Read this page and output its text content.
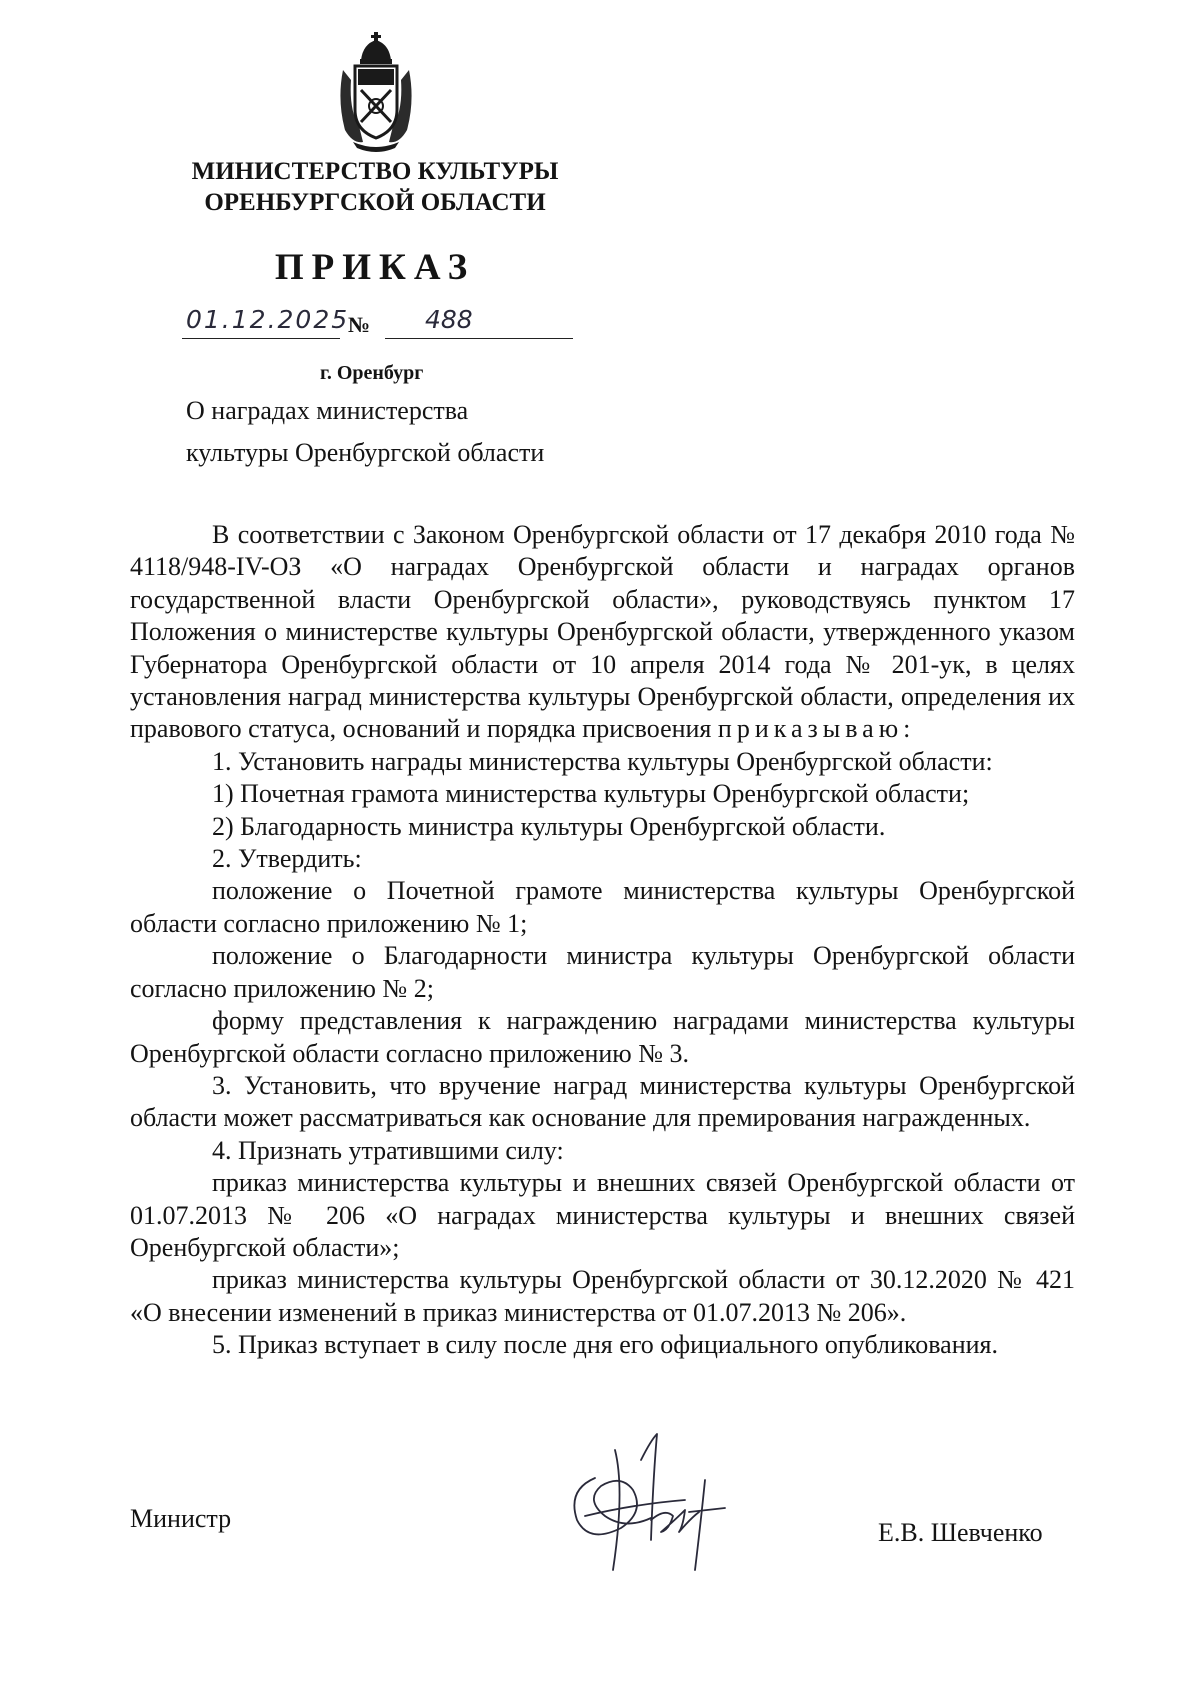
МИНИСТЕРСТВО КУЛЬТУРЫ
ОРЕНБУРГСКОЙ ОБЛАСТИ
ПРИКАЗ
01.12.2025
№	488
г. Оренбург
О наградах министерства
культуры Оренбургской области

В соответствии с Законом Оренбургской области от 17 декабря 2010 года № 4118/948-IV-ОЗ «О наградах Оренбургской области и наградах органов государственной власти Оренбургской области», руководствуясь пунктом 17 Положения о министерстве культуры Оренбургской области, утвержденного указом Губернатора Оренбургской области от 10 апреля 2014 года № 201-ук, в целях установления наград министерства культуры Оренбургской области, определения их правового статуса, оснований и порядка присвоения приказываю:

1. Установить награды министерства культуры Оренбургской области:

1) Почетная грамота министерства культуры Оренбургской области;

2) Благодарность министра культуры Оренбургской области.

2. Утвердить:

положение о Почетной грамоте министерства культуры Оренбургской области согласно приложению № 1;

положение о Благодарности министра культуры Оренбургской области согласно приложению № 2;

форму представления к награждению наградами министерства культуры Оренбургской области согласно приложению № 3.

3. Установить, что вручение наград министерства культуры Оренбургской области может рассматриваться как основание для премирования награжденных.

4. Признать утратившими силу:

приказ министерства культуры и внешних связей Оренбургской области от 01.07.2013 № 206 «О наградах министерства культуры и внешних связей Оренбургской области»;

приказ министерства культуры Оренбургской области от 30.12.2020 № 421 «О внесении изменений в приказ министерства от 01.07.2013 № 206».

5. Приказ вступает в силу после дня его официального опубликования.

Министр	Е.В. Шевченко
